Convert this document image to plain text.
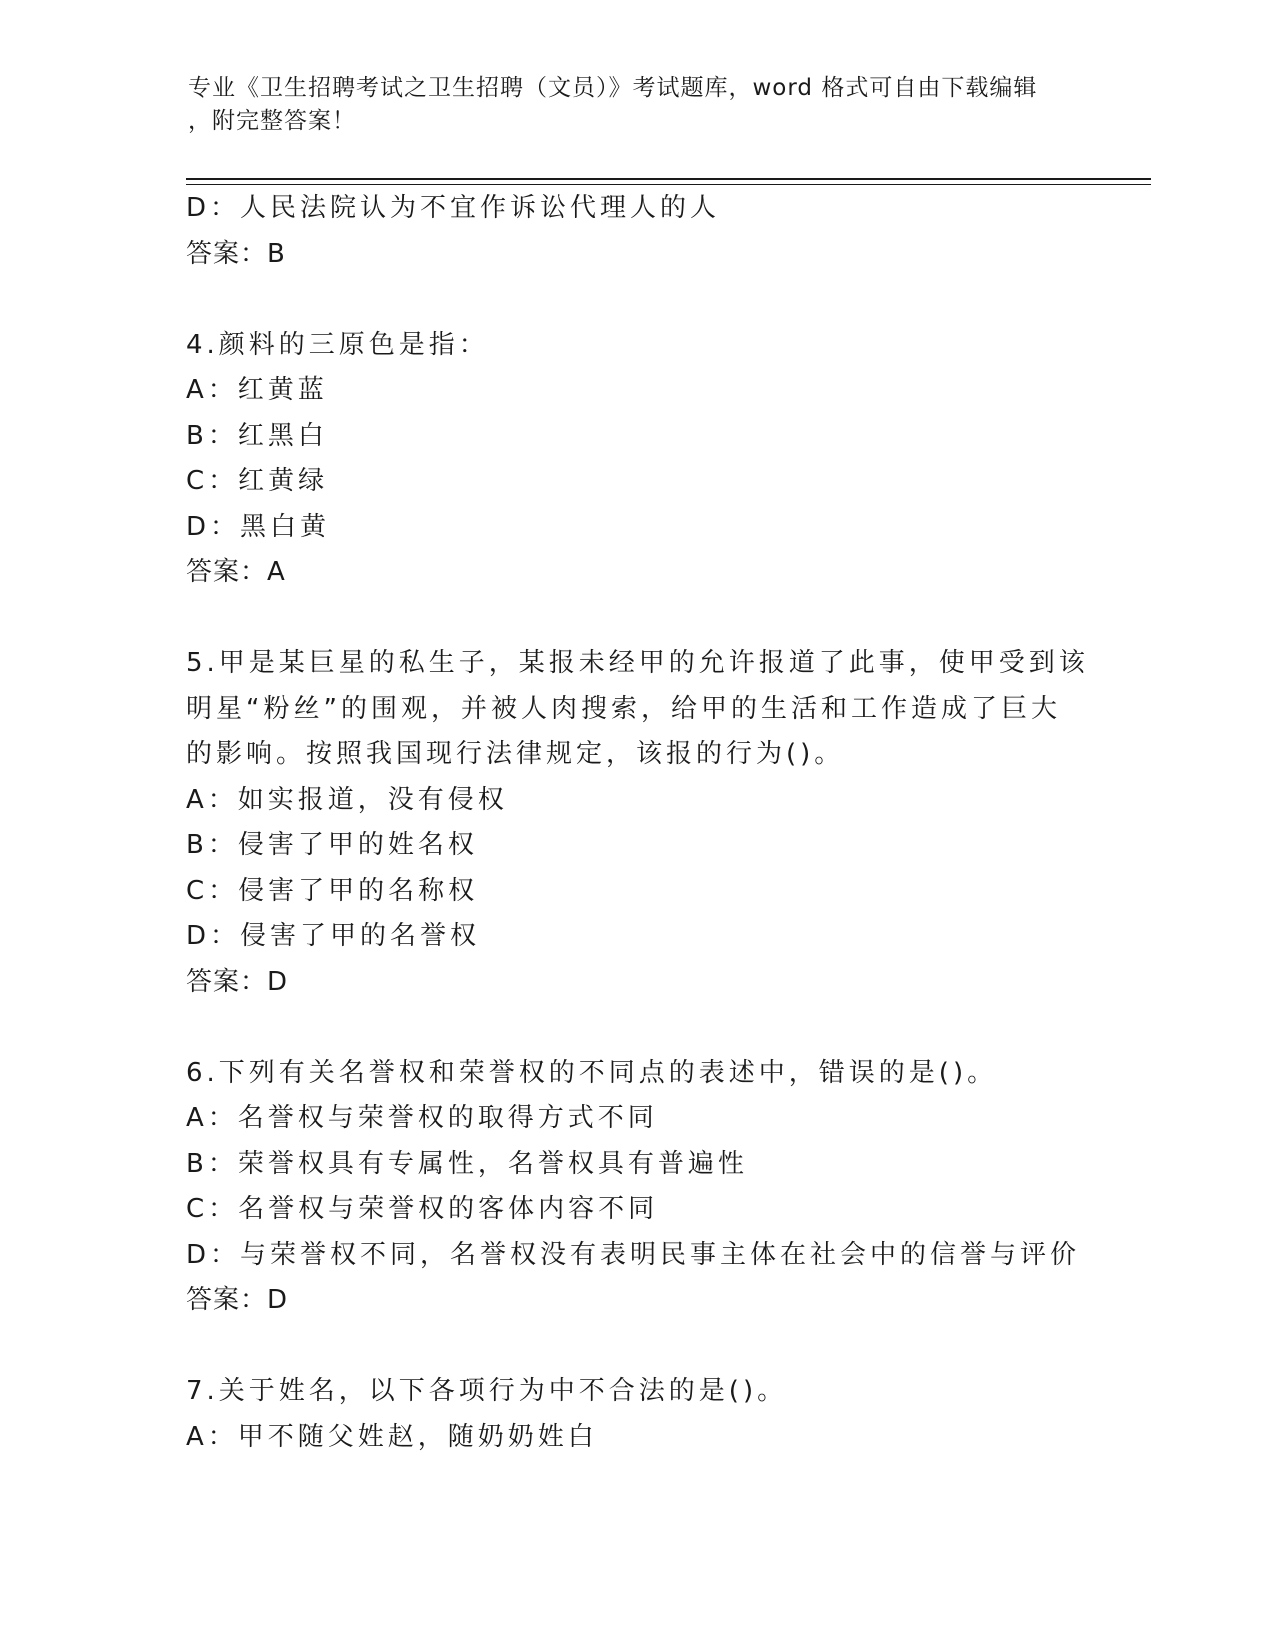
专业《卫生招聘考试之卫生招聘（文员）》考试题库，word 格式可自由下载编辑
，附完整答案！
D：人民法院认为不宜作诉讼代理人的人
答案：B
4.颜料的三原色是指：
A：红黄蓝
B：红黑白
C：红黄绿
D：黑白黄
答案：A
5.甲是某巨星的私生子，某报未经甲的允许报道了此事，使甲受到该
明星“粉丝”的围观，并被人肉搜索，给甲的生活和工作造成了巨大
的影响。按照我国现行法律规定，该报的行为()。
A：如实报道，没有侵权
B：侵害了甲的姓名权
C：侵害了甲的名称权
D：侵害了甲的名誉权
答案：D
6.下列有关名誉权和荣誉权的不同点的表述中，错误的是()。
A：名誉权与荣誉权的取得方式不同
B：荣誉权具有专属性，名誉权具有普遍性
C：名誉权与荣誉权的客体内容不同
D：与荣誉权不同，名誉权没有表明民事主体在社会中的信誉与评价
答案：D
7.关于姓名，以下各项行为中不合法的是()。
A：甲不随父姓赵，随奶奶姓白
